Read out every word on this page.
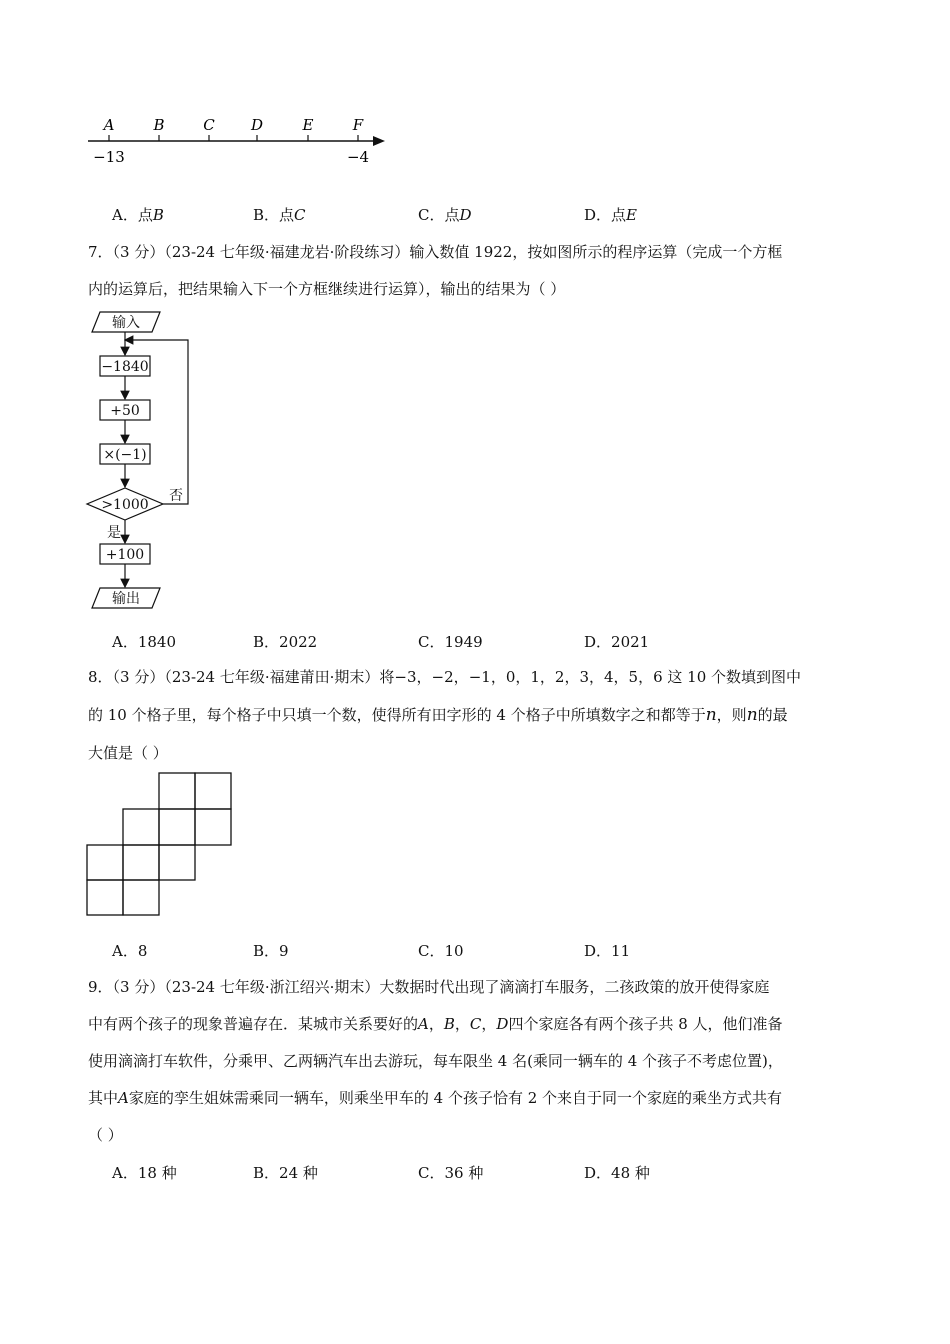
A	B	C D	E	F
−13	−4
A．点B	B．点C	C．点D	D．点E
7．（3 分）（23-24 七年级·福建龙岩·阶段练习）输入数值 1922，按如图所示的程序运算（完成一个方框
内的运算后，把结果输入下一个方框继续进行运算），输出的结果为（ ）
输入
−1840
+50
×(−1)
>1000
否
是
+100
输出
A．1840	B．2022	C．1949	D．2021
8．（3 分）（23-24 七年级·福建莆田·期末）将−3，−2，−1，0，1，2，3，4，5，6 这 10 个数填到图中
的 10 个格子里，每个格子中只填一个数，使得所有田字形的 4 个格子中所填数字之和都等于n，则n的最
大值是（ ）
A．8	B．9	C．10	D．11
9．（3 分）（23-24 七年级·浙江绍兴·期末）大数据时代出现了滴滴打车服务，二孩政策的放开使得家庭
中有两个孩子的现象普遍存在．某城市关系要好的A，B，C，D四个家庭各有两个孩子共 8 人，他们准备
使用滴滴打车软件，分乘甲、乙两辆汽车出去游玩，每车限坐 4 名(乘同一辆车的 4 个孩子不考虑位置)，
其中A家庭的孪生姐妹需乘同一辆车，则乘坐甲车的 4 个孩子恰有 2 个来自于同一个家庭的乘坐方式共有
（ ）
A．18 种	B．24 种	C．36 种	D．48 种
